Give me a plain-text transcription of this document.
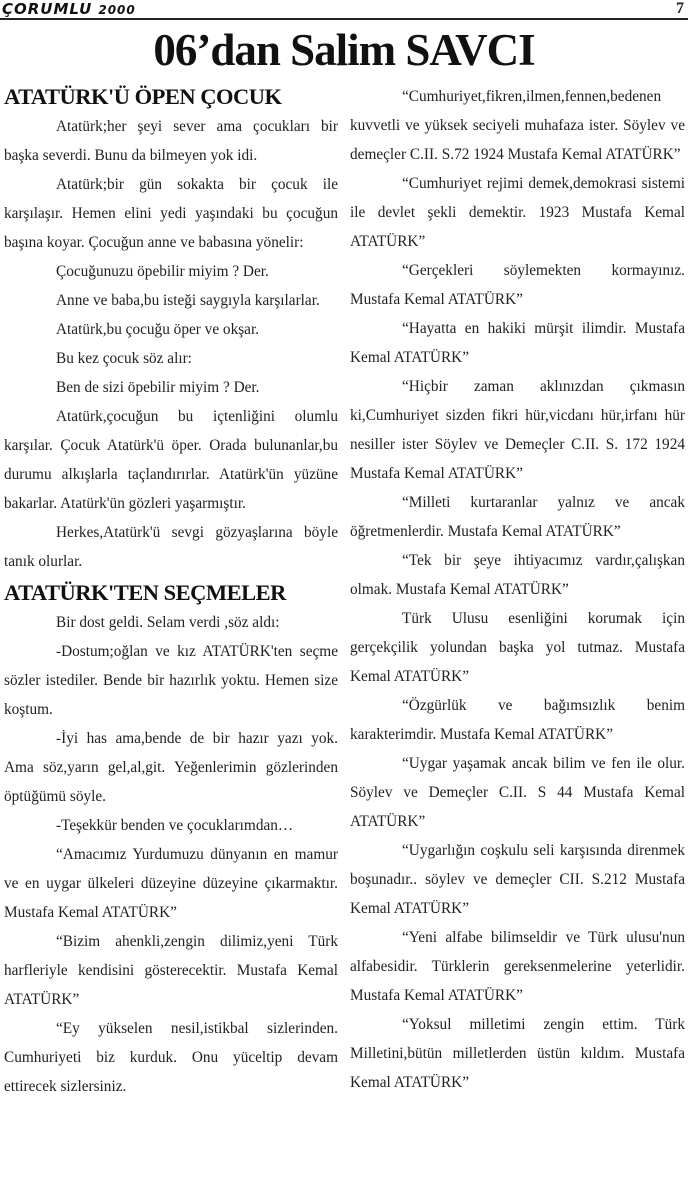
ÇORUMLU 2000	7
06’dan Salim SAVCI
ATATÜRK'Ü ÖPEN ÇOCUK

Atatürk;her şeyi sever ama çocukları bir başka severdi. Bunu da bilmeyen yok idi.

Atatürk;bir gün sokakta bir çocuk ile karşılaşır. Hemen elini yedi yaşındaki bu çocuğun başına koyar. Çocuğun anne ve babasına yönelir:

Çocuğunuzu öpebilir miyim ? Der.

Anne ve baba,bu isteği saygıyla karşılarlar.

Atatürk,bu çocuğu öper ve okşar.

Bu kez çocuk söz alır:

Ben de sizi öpebilir miyim ? Der.

Atatürk,çocuğun bu içtenliğini olumlu karşılar. Çocuk Atatürk'ü öper. Orada bulunanlar,bu durumu alkışlarla taçlandırırlar. Atatürk'ün yüzüne bakarlar. Atatürk'ün gözleri yaşarmıştır.

Herkes,Atatürk'ü sevgi gözyaşlarına böyle tanık olurlar.

ATATÜRK'TEN SEÇMELER

Bir dost geldi. Selam verdi ,söz aldı:

-Dostum;oğlan ve kız ATATÜRK'ten seçme sözler istediler. Bende bir hazırlık yoktu. Hemen size koştum.

-İyi has ama,bende de bir hazır yazı yok. Ama söz,yarın gel,al,git. Yeğenlerimin gözlerinden öptüğümü söyle.

-Teşekkür benden ve çocuklarımdan…

“Amacımız Yurdumuzu dünyanın en mamur ve en uygar ülkeleri düzeyine düzeyine çıkarmaktır. Mustafa Kemal ATATÜRK”

“Bizim ahenkli,zengin dilimiz,yeni Türk harfleriyle kendisini gösterecektir. Mustafa Kemal ATATÜRK”

“Ey yükselen nesil,istikbal sizlerinden. Cumhuriyeti biz kurduk. Onu yüceltip devam ettirecek sizlersiniz.

“Cumhuriyet,fikren,ilmen,fennen,bedenen kuvvetli ve yüksek seciyeli muhafaza ister. Söylev ve demeçler C.II. S.72 1924 Mustafa Kemal ATATÜRK”

“Cumhuriyet rejimi demek,demokrasi sistemi ile devlet şekli demektir. 1923 Mustafa Kemal ATATÜRK”

“Gerçekleri söylemekten kormayınız. Mustafa Kemal ATATÜRK”

“Hayatta en hakiki mürşit ilimdir. Mustafa Kemal ATATÜRK”

“Hiçbir zaman aklınızdan çıkmasın ki,Cumhuriyet sizden fikri hür,vicdanı hür,irfanı hür nesiller ister Söylev ve Demeçler C.II. S. 172 1924 Mustafa Kemal ATATÜRK”

“Milleti kurtaranlar yalnız ve ancak öğretmenlerdir. Mustafa Kemal ATATÜRK”

“Tek bir şeye ihtiyacımız vardır,çalışkan olmak. Mustafa Kemal ATATÜRK”

Türk Ulusu esenliğini korumak için gerçekçilik yolundan başka yol tutmaz. Mustafa Kemal ATATÜRK”

“Özgürlük ve bağımsızlık benim karakterimdir. Mustafa Kemal ATATÜRK”

“Uygar yaşamak ancak bilim ve fen ile olur. Söylev ve Demeçler C.II. S 44 Mustafa Kemal ATATÜRK”

“Uygarlığın coşkulu seli karşısında direnmek boşunadır.. söylev ve demeçler CII. S.212 Mustafa Kemal ATATÜRK”

“Yeni alfabe bilimseldir ve Türk ulusu'nun alfabesidir. Türklerin gereksenmelerine yeterlidir. Mustafa Kemal ATATÜRK”

“Yoksul milletimi zengin ettim. Türk Milletini,bütün milletlerden üstün kıldım. Mustafa Kemal ATATÜRK”
